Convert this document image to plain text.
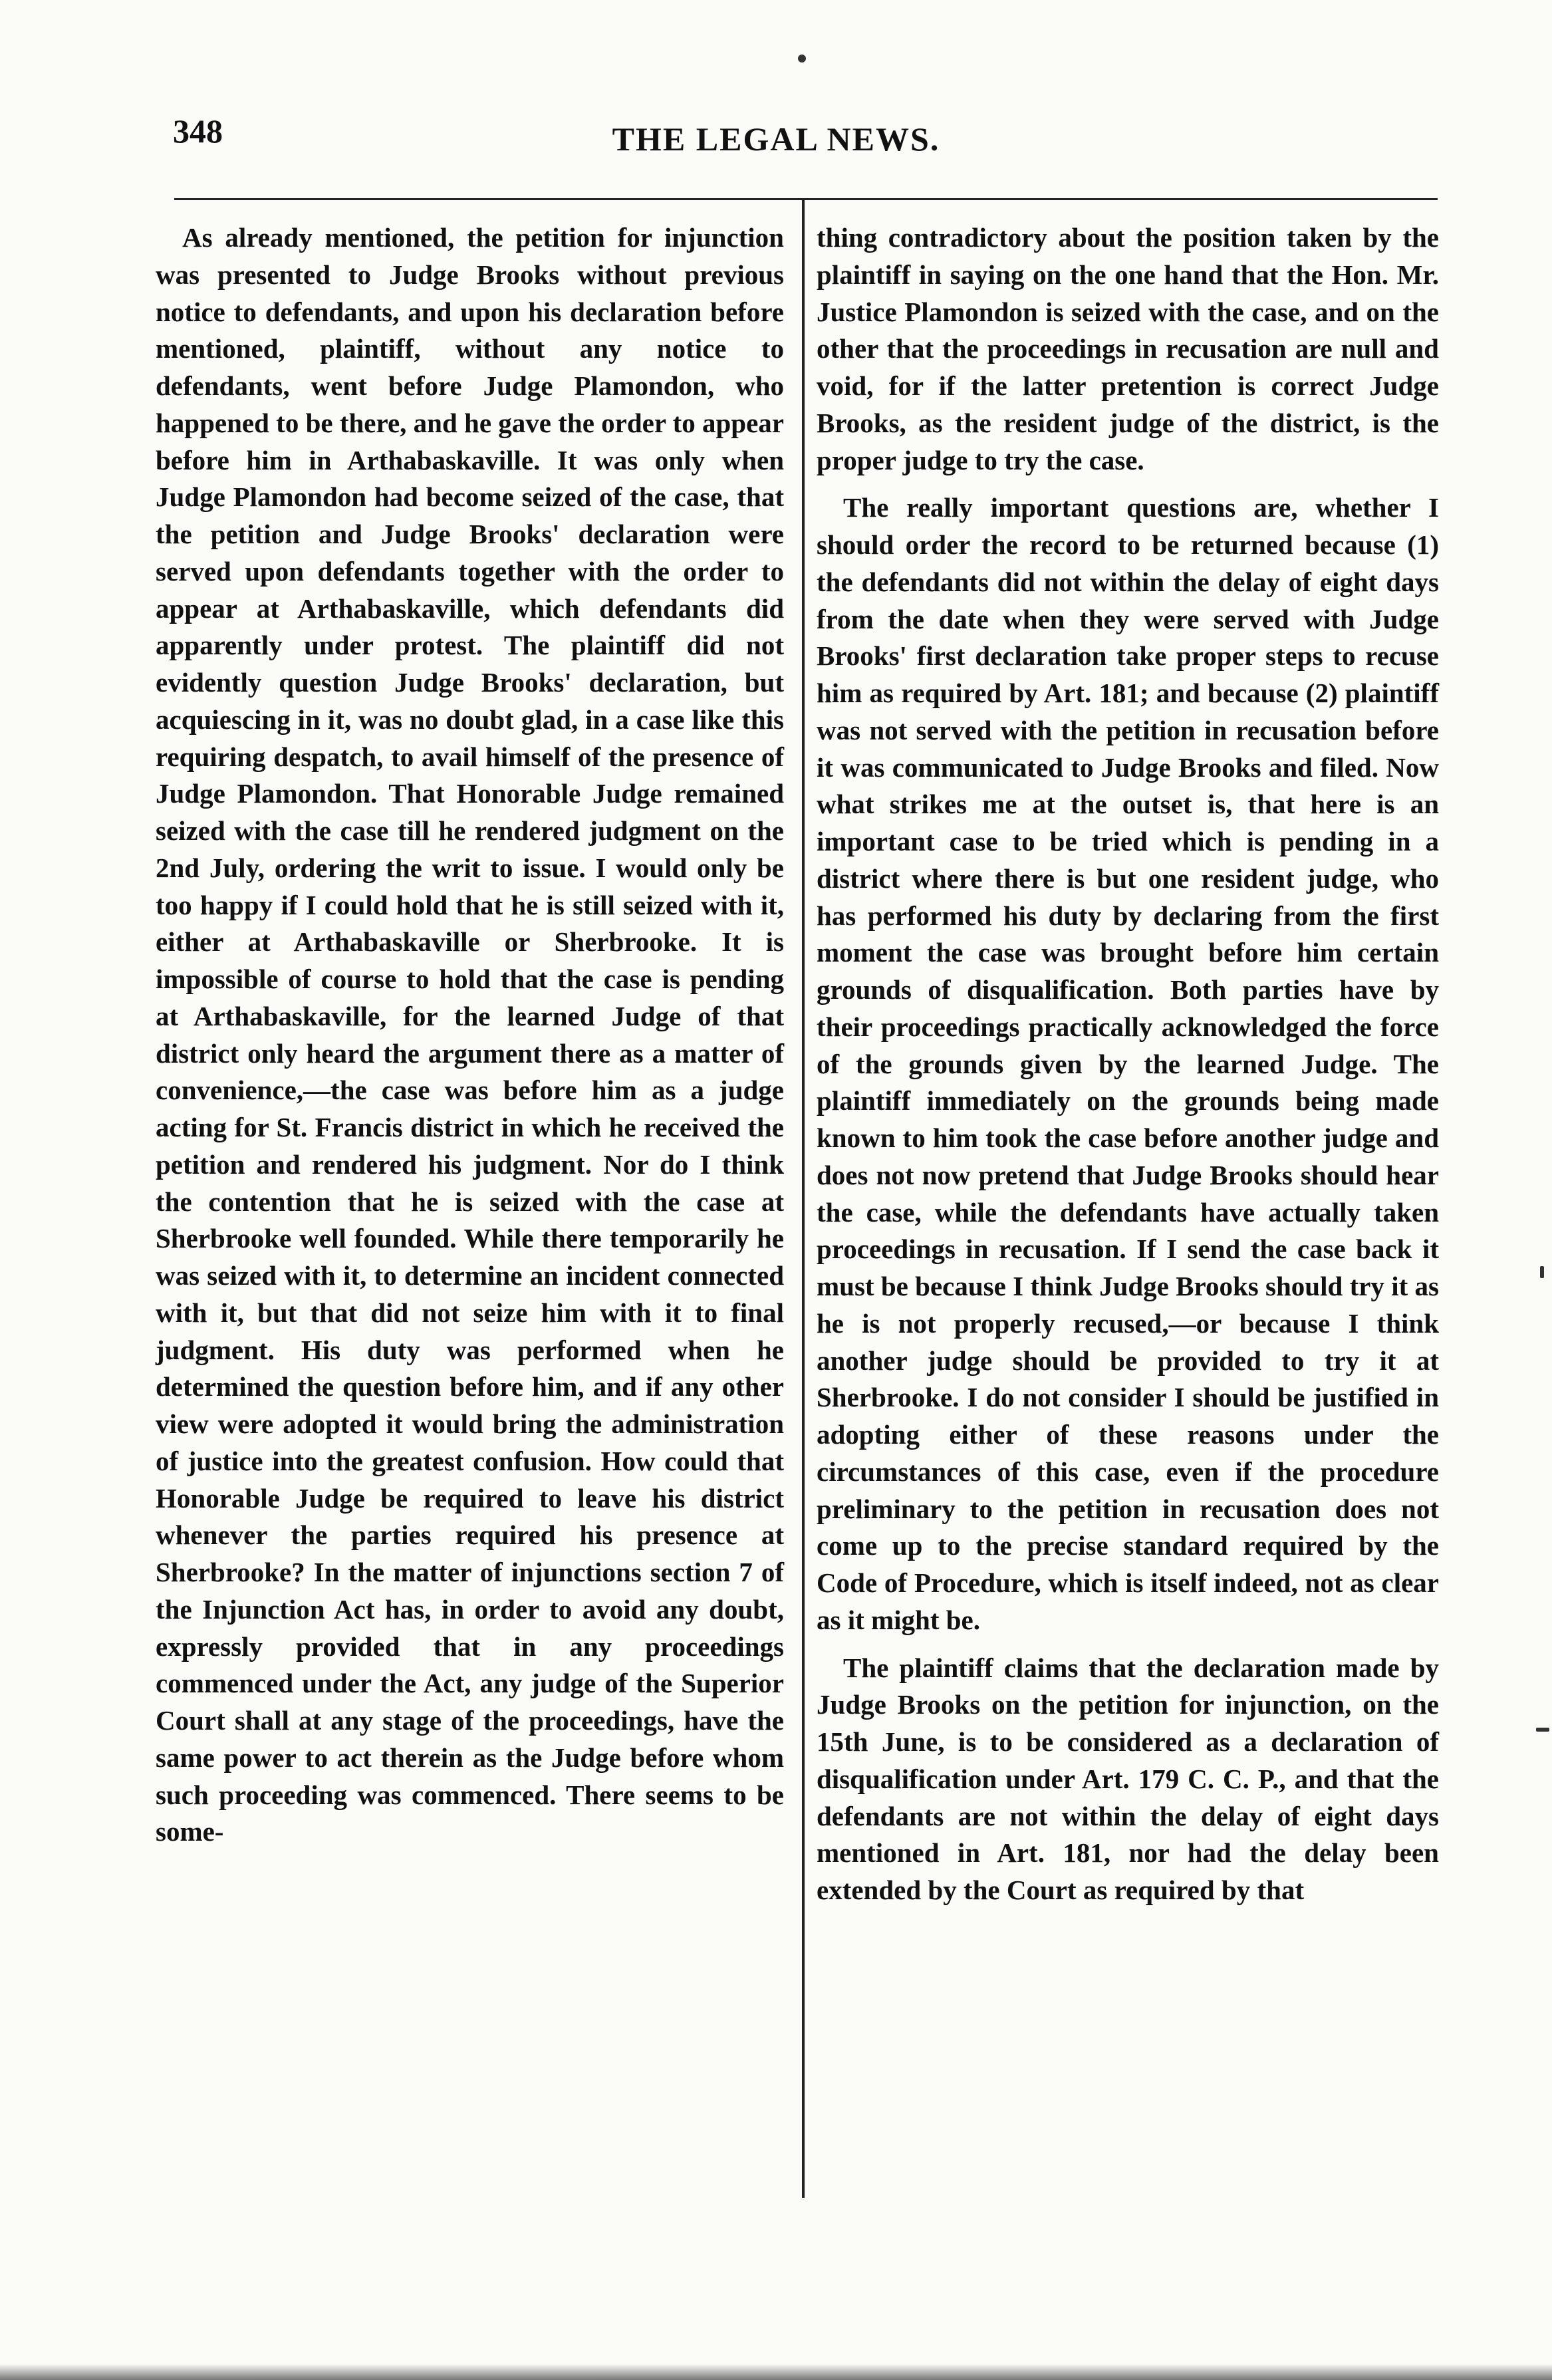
348	THE LEGAL NEWS.

As already mentioned, the petition for injunction was presented to Judge Brooks without previous notice to defendants, and upon his declaration before mentioned, plaintiff, without any notice to defendants, went before Judge Plamondon, who happened to be there, and he gave the order to appear before him in Arthabaskaville. It was only when Judge Plamondon had become seized of the case, that the petition and Judge Brooks' declaration were served upon defendants together with the order to appear at Arthabaskaville, which defendants did apparently under protest. The plaintiff did not evidently question Judge Brooks' declaration, but acquiescing in it, was no doubt glad, in a case like this requiring despatch, to avail himself of the presence of Judge Plamondon. That Honorable Judge remained seized with the case till he rendered judgment on the 2nd July, ordering the writ to issue. I would only be too happy if I could hold that he is still seized with it, either at Arthabaskaville or Sherbrooke. It is impossible of course to hold that the case is pending at Arthabaskaville, for the learned Judge of that district only heard the argument there as a matter of convenience,—the case was before him as a judge acting for St. Francis district in which he received the petition and rendered his judgment. Nor do I think the contention that he is seized with the case at Sherbrooke well founded. While there temporarily he was seized with it, to determine an incident connected with it, but that did not seize him with it to final judgment. His duty was performed when he determined the question before him, and if any other view were adopted it would bring the administration of justice into the greatest confusion. How could that Honorable Judge be required to leave his district whenever the parties required his presence at Sherbrooke? In the matter of injunctions section 7 of the Injunction Act has, in order to avoid any doubt, expressly provided that in any proceedings commenced under the Act, any judge of the Superior Court shall at any stage of the proceedings, have the same power to act therein as the Judge before whom such proceeding was commenced. There seems to be some-

thing contradictory about the position taken by the plaintiff in saying on the one hand that the Hon. Mr. Justice Plamondon is seized with the case, and on the other that the proceedings in recusation are null and void, for if the latter pretention is correct Judge Brooks, as the resident judge of the district, is the proper judge to try the case.

The really important questions are, whether I should order the record to be returned because (1) the defendants did not within the delay of eight days from the date when they were served with Judge Brooks' first declaration take proper steps to recuse him as required by Art. 181; and because (2) plaintiff was not served with the petition in recusation before it was communicated to Judge Brooks and filed. Now what strikes me at the outset is, that here is an important case to be tried which is pending in a district where there is but one resident judge, who has performed his duty by declaring from the first moment the case was brought before him certain grounds of disqualification. Both parties have by their proceedings practically acknowledged the force of the grounds given by the learned Judge. The plaintiff immediately on the grounds being made known to him took the case before another judge and does not now pretend that Judge Brooks should hear the case, while the defendants have actually taken proceedings in recusation. If I send the case back it must be because I think Judge Brooks should try it as he is not properly recused,—or because I think another judge should be provided to try it at Sherbrooke. I do not consider I should be justified in adopting either of these reasons under the circumstances of this case, even if the procedure preliminary to the petition in recusation does not come up to the precise standard required by the Code of Procedure, which is itself indeed, not as clear as it might be.

The plaintiff claims that the declaration made by Judge Brooks on the petition for injunction, on the 15th June, is to be considered as a declaration of disqualification under Art. 179 C. C. P., and that the defendants are not within the delay of eight days mentioned in Art. 181, nor had the delay been extended by the Court as required by that
